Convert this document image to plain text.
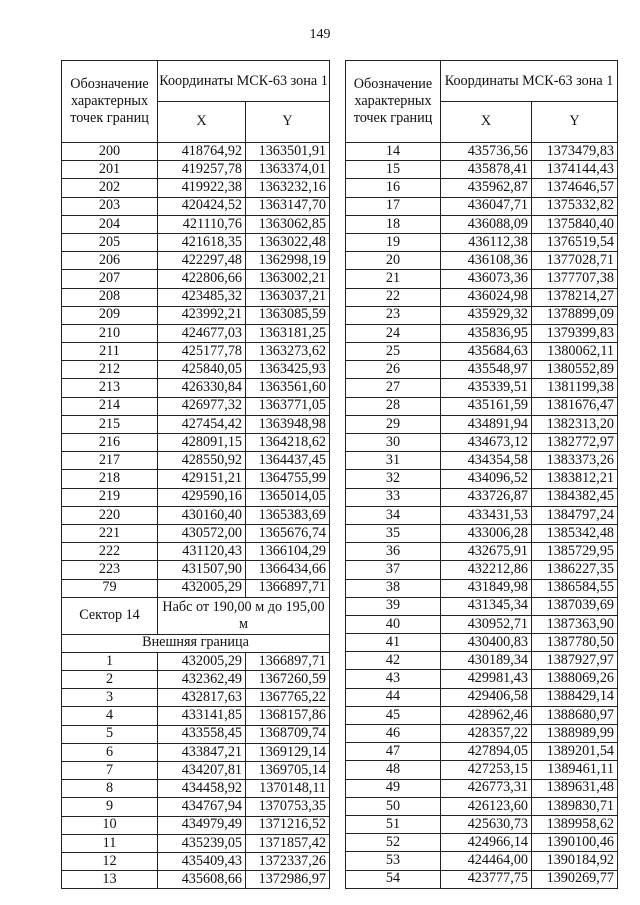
149
Обозначение характерных точек границ	Координаты МСК-63 зона 1	
	X	Y
200	418764,92	1363501,91
201	419257,78	1363374,01
202	419922,38	1363232,16
203	420424,52	1363147,70
204	421110,76	1363062,85
205	421618,35	1363022,48
206	422297,48	1362998,19
207	422806,66	1363002,21
208	423485,32	1363037,21
209	423992,21	1363085,59
210	424677,03	1363181,25
211	425177,78	1363273,62
212	425840,05	1363425,93
213	426330,84	1363561,60
214	426977,32	1363771,05
215	427454,42	1363948,98
216	428091,15	1364218,62
217	428550,92	1364437,45
218	429151,21	1364755,99
219	429590,16	1365014,05
220	430160,40	1365383,69
221	430572,00	1365676,74
222	431120,43	1366104,29
223	431507,90	1366434,66
79	432005,29	1366897,71
Сектор 14	Набс от 190,00 м до 195,00 м	
Внешняя граница		
1	432005,29	1366897,71
2	432362,49	1367260,59
3	432817,63	1367765,22
4	433141,85	1368157,86
5	433558,45	1368709,74
6	433847,21	1369129,14
7	434207,81	1369705,14
8	434458,92	1370148,11
9	434767,94	1370753,35
10	434979,49	1371216,52
11	435239,05	1371857,42
12	435409,43	1372337,26
13	435608,66	1372986,97
Обозначение характерных точек границ	Координаты МСК-63 зона 1	
	X	Y
14	435736,56	1373479,83
15	435878,41	1374144,43
16	435962,87	1374646,57
17	436047,71	1375332,82
18	436088,09	1375840,40
19	436112,38	1376519,54
20	436108,36	1377028,71
21	436073,36	1377707,38
22	436024,98	1378214,27
23	435929,32	1378899,09
24	435836,95	1379399,83
25	435684,63	1380062,11
26	435548,97	1380552,89
27	435339,51	1381199,38
28	435161,59	1381676,47
29	434891,94	1382313,20
30	434673,12	1382772,97
31	434354,58	1383373,26
32	434096,52	1383812,21
33	433726,87	1384382,45
34	433431,53	1384797,24
35	433006,28	1385342,48
36	432675,91	1385729,95
37	432212,86	1386227,35
38	431849,98	1386584,55
39	431345,34	1387039,69
40	430952,71	1387363,90
41	430400,83	1387780,50
42	430189,34	1387927,97
43	429981,43	1388069,26
44	429406,58	1388429,14
45	428962,46	1388680,97
46	428357,22	1388989,99
47	427894,05	1389201,54
48	427253,15	1389461,11
49	426773,31	1389631,48
50	426123,60	1389830,71
51	425630,73	1389958,62
52	424966,14	1390100,46
53	424464,00	1390184,92
54	423777,75	1390269,77
